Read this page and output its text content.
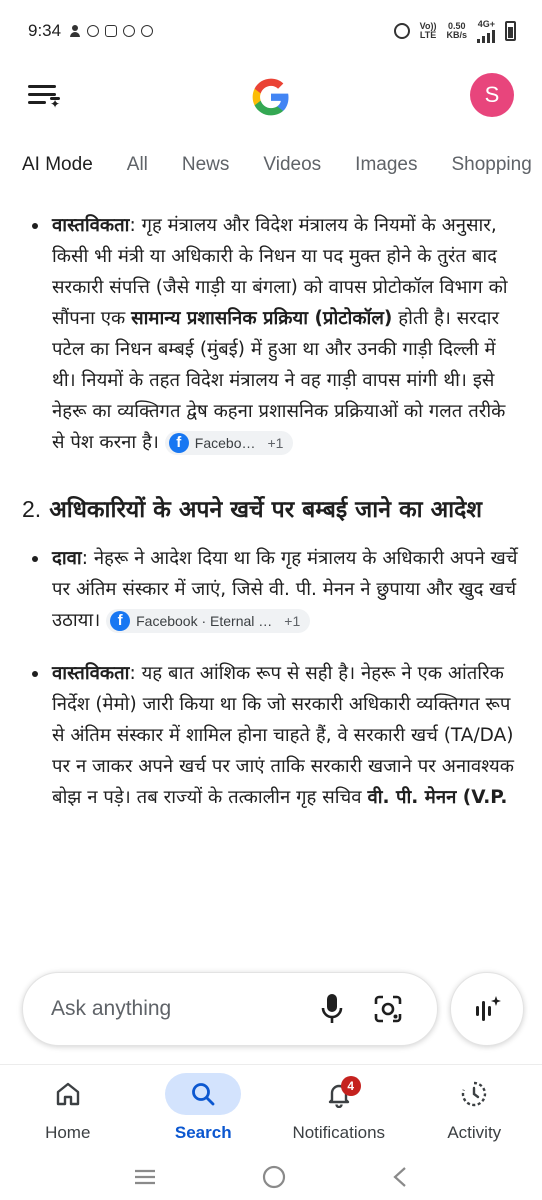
9:34	Vo))
LTE
0.50
KB/s
4G+
✦	S
AI Mode	All	News	Videos	Images	Shopping
वास्तविकता: गृह मंत्रालय और विदेश मंत्रालय के नियमों के अनुसार, किसी भी मंत्री या अधिकारी के निधन या पद मुक्त होने के तुरंत बाद सरकारी संपत्ति (जैसे गाड़ी या बंगला) को वापस प्रोटोकॉल विभाग को सौंपना एक सामान्य प्रशासनिक प्रक्रिया (प्रोटोकॉल) होती है। सरदार पटेल का निधन बम्बई (मुंबई) में हुआ था और उनकी गाड़ी दिल्ली में थी। नियमों के तहत विदेश मंत्रालय ने वह गाड़ी वापस मांगी थी। इसे नेहरू का व्यक्तिगत द्वेष कहना प्रशासनिक प्रक्रियाओं को गलत तरीके से पेश करना है।	f Facebo… +1
2. अधिकारियों के अपने खर्चे पर बम्बई जाने का आदेश
दावा: नेहरू ने आदेश दिया था कि गृह मंत्रालय के अधिकारी अपने खर्चे पर अंतिम संस्कार में जाएं, जिसे वी. पी. मेनन ने छुपाया और खुद खर्च उठाया।	f Facebook · Eternal … +1
वास्तविकता: यह बात आंशिक रूप से सही है। नेहरू ने एक आंतरिक निर्देश (मेमो) जारी किया था कि जो सरकारी अधिकारी व्यक्तिगत रूप से अंतिम संस्कार में शामिल होना चाहते हैं, वे सरकारी खर्च (TA/DA) पर न जाकर अपने खर्च पर जाएं ताकि सरकारी खजाने पर अनावश्यक बोझ न पड़े। तब राज्यों के तत्कालीन गृह सचिव वी. पी. मेनन (V.P.
Ask anything
Home	Search
4
Notifications	Activity
